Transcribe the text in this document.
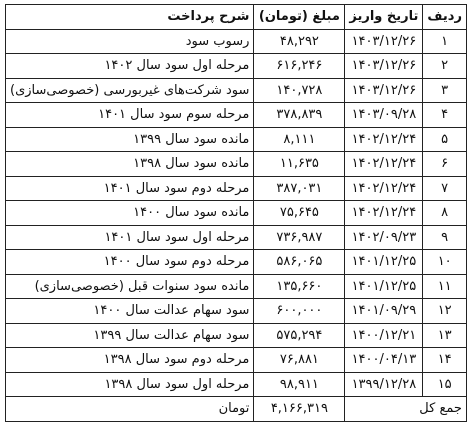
ردیف	تاریخ واریز	مبلغ (تومان)	شرح پرداخت
۱	۱۴۰۳/۱۲/۲۶	۴۸,۲۹۲	رسوب سود
۲	۱۴۰۳/۱۲/۲۶	۶۱۶,۲۴۶	مرحله اول سود سال ۱۴۰۲
۳	۱۴۰۳/۱۲/۲۶	۱۴۰,۷۲۸	سود شرکت‌های غیربورسی (خصوصی‌سازی)
۴	۱۴۰۳/۰۹/۲۸	۳۷۸,۸۳۹	مرحله سوم سود سال ۱۴۰۱
۵	۱۴۰۲/۱۲/۲۴	۸,۱۱۱	مانده سود سال ۱۳۹۹
۶	۱۴۰۲/۱۲/۲۴	۱۱,۶۳۵	مانده سود سال ۱۳۹۸
۷	۱۴۰۲/۱۲/۲۴	۳۸۷,۰۳۱	مرحله دوم سود سال ۱۴۰۱
۸	۱۴۰۲/۱۲/۲۴	۷۵,۶۴۵	مانده سود سال ۱۴۰۰
۹	۱۴۰۲/۰۹/۲۳	۷۳۶,۹۸۷	مرحله اول سود سال ۱۴۰۱
۱۰	۱۴۰۱/۱۲/۲۵	۵۸۶,۰۶۵	مرحله دوم سود سال ۱۴۰۰
۱۱	۱۴۰۱/۱۲/۲۵	۱۳۵,۶۶۰	مانده سود سنوات قبل (خصوصی‌سازی)
۱۲	۱۴۰۱/۰۹/۲۹	۶۰۰,۰۰۰	سود سهام عدالت سال ۱۴۰۰
۱۳	۱۴۰۰/۱۲/۲۱	۵۷۵,۲۹۴	سود سهام عدالت سال ۱۳۹۹
۱۴	۱۴۰۰/۰۴/۱۳	۷۶,۸۸۱	مرحله دوم سود سال ۱۳۹۸
۱۵	۱۳۹۹/۱۲/۲۸	۹۸,۹۱۱	مرحله اول سود سال ۱۳۹۸
جمع کل		۴,۱۶۶,۳۱۹	تومان
